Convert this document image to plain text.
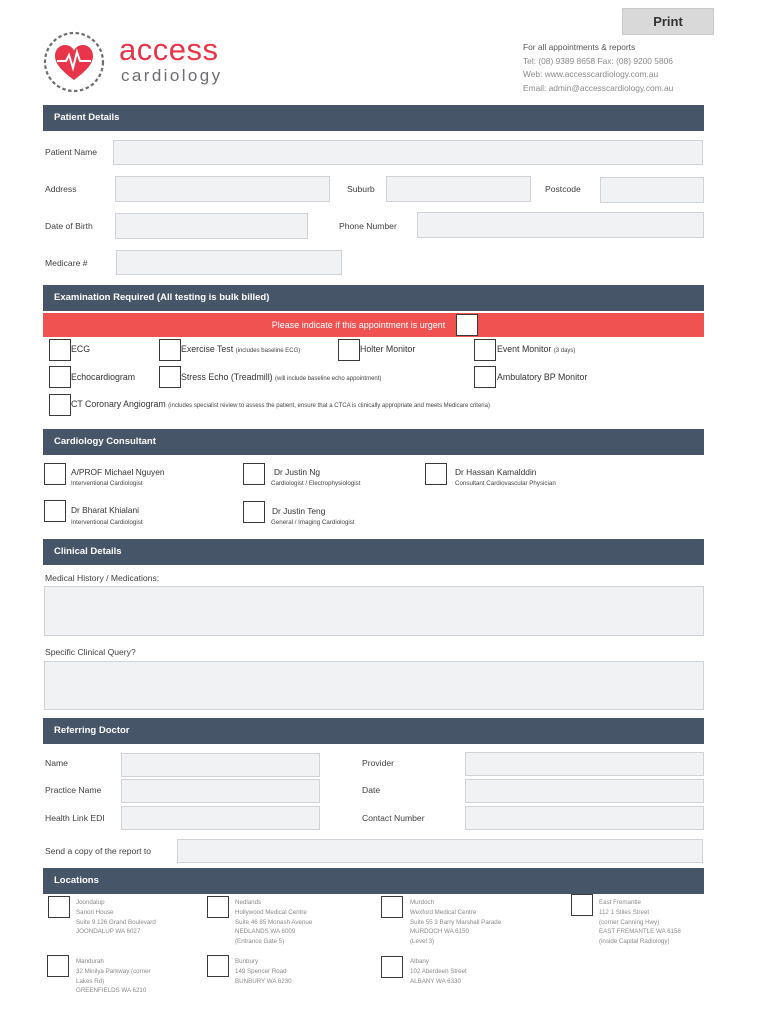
Print
access
cardiology
For all appointments & reports
Tel: (08) 9389 8658 Fax: (08) 9200 5806
Web: www.accesscardiology.com.au
Email: admin@accesscardiology.com.au
Patient Details
Patient Name
Address	Suburb	Postcode
Date of Birth	Phone Number
Medicare #
Examination Required (All testing is bulk billed)
Please indicate if this appointment is urgent
ECG	Exercise Test (includes baseline ECG)	Holter Monitor	Event Monitor (3 days)
Echocardiogram	Stress Echo (Treadmill) (will include baseline echo appointment)	Ambulatory BP Monitor
CT Coronary Angiogram (includes specialist review to assess the patient, ensure that a CTCA is clinically appropriate and meets Medicare criteria)
Cardiology Consultant
A/PROF Michael Nguyen
Interventional Cardiologist
Dr Justin Ng
Cardiologist / Electrophysiologist
Dr Hassan Kamalddin
Consultant Cardiovascular Physician
Dr Bharat Khialani
Interventional Cardiologist
Dr Justin Teng
General / Imaging Cardiologist
Clinical Details
Medical History / Medications:
Specific Clinical Query?
Referring Doctor
Name	Provider
Practice Name	Date
Health Link EDI	Contact Number
Send a copy of the report to
Locations
Joondalup
Sanori House
Suite 9 126 Grand Boulevard
JOONDALUP WA 6027
Nedlands
Hollywood Medical Centre
Suite 46 85 Monash Avenue
NEDLANDS WA 6009
(Entrance Gate 5)
Murdoch
Wexford Medical Centre
Suite 55 3 Barry Marshall Parade
MURDOCH WA 6150
(Level 3)
East Fremantle
112 1 Stiles Street
(corner Canning Hwy)
EAST FREMANTLE WA 6158
(inside Capital Radiology)
Mandurah
32 Minilya Parkway (corner
Lakes Rd)
GREENFIELDS WA 6210
Bunbury
149 Spencer Road
BUNBURY WA 6230
Albany
102 Aberdeen Street
ALBANY WA 6330
